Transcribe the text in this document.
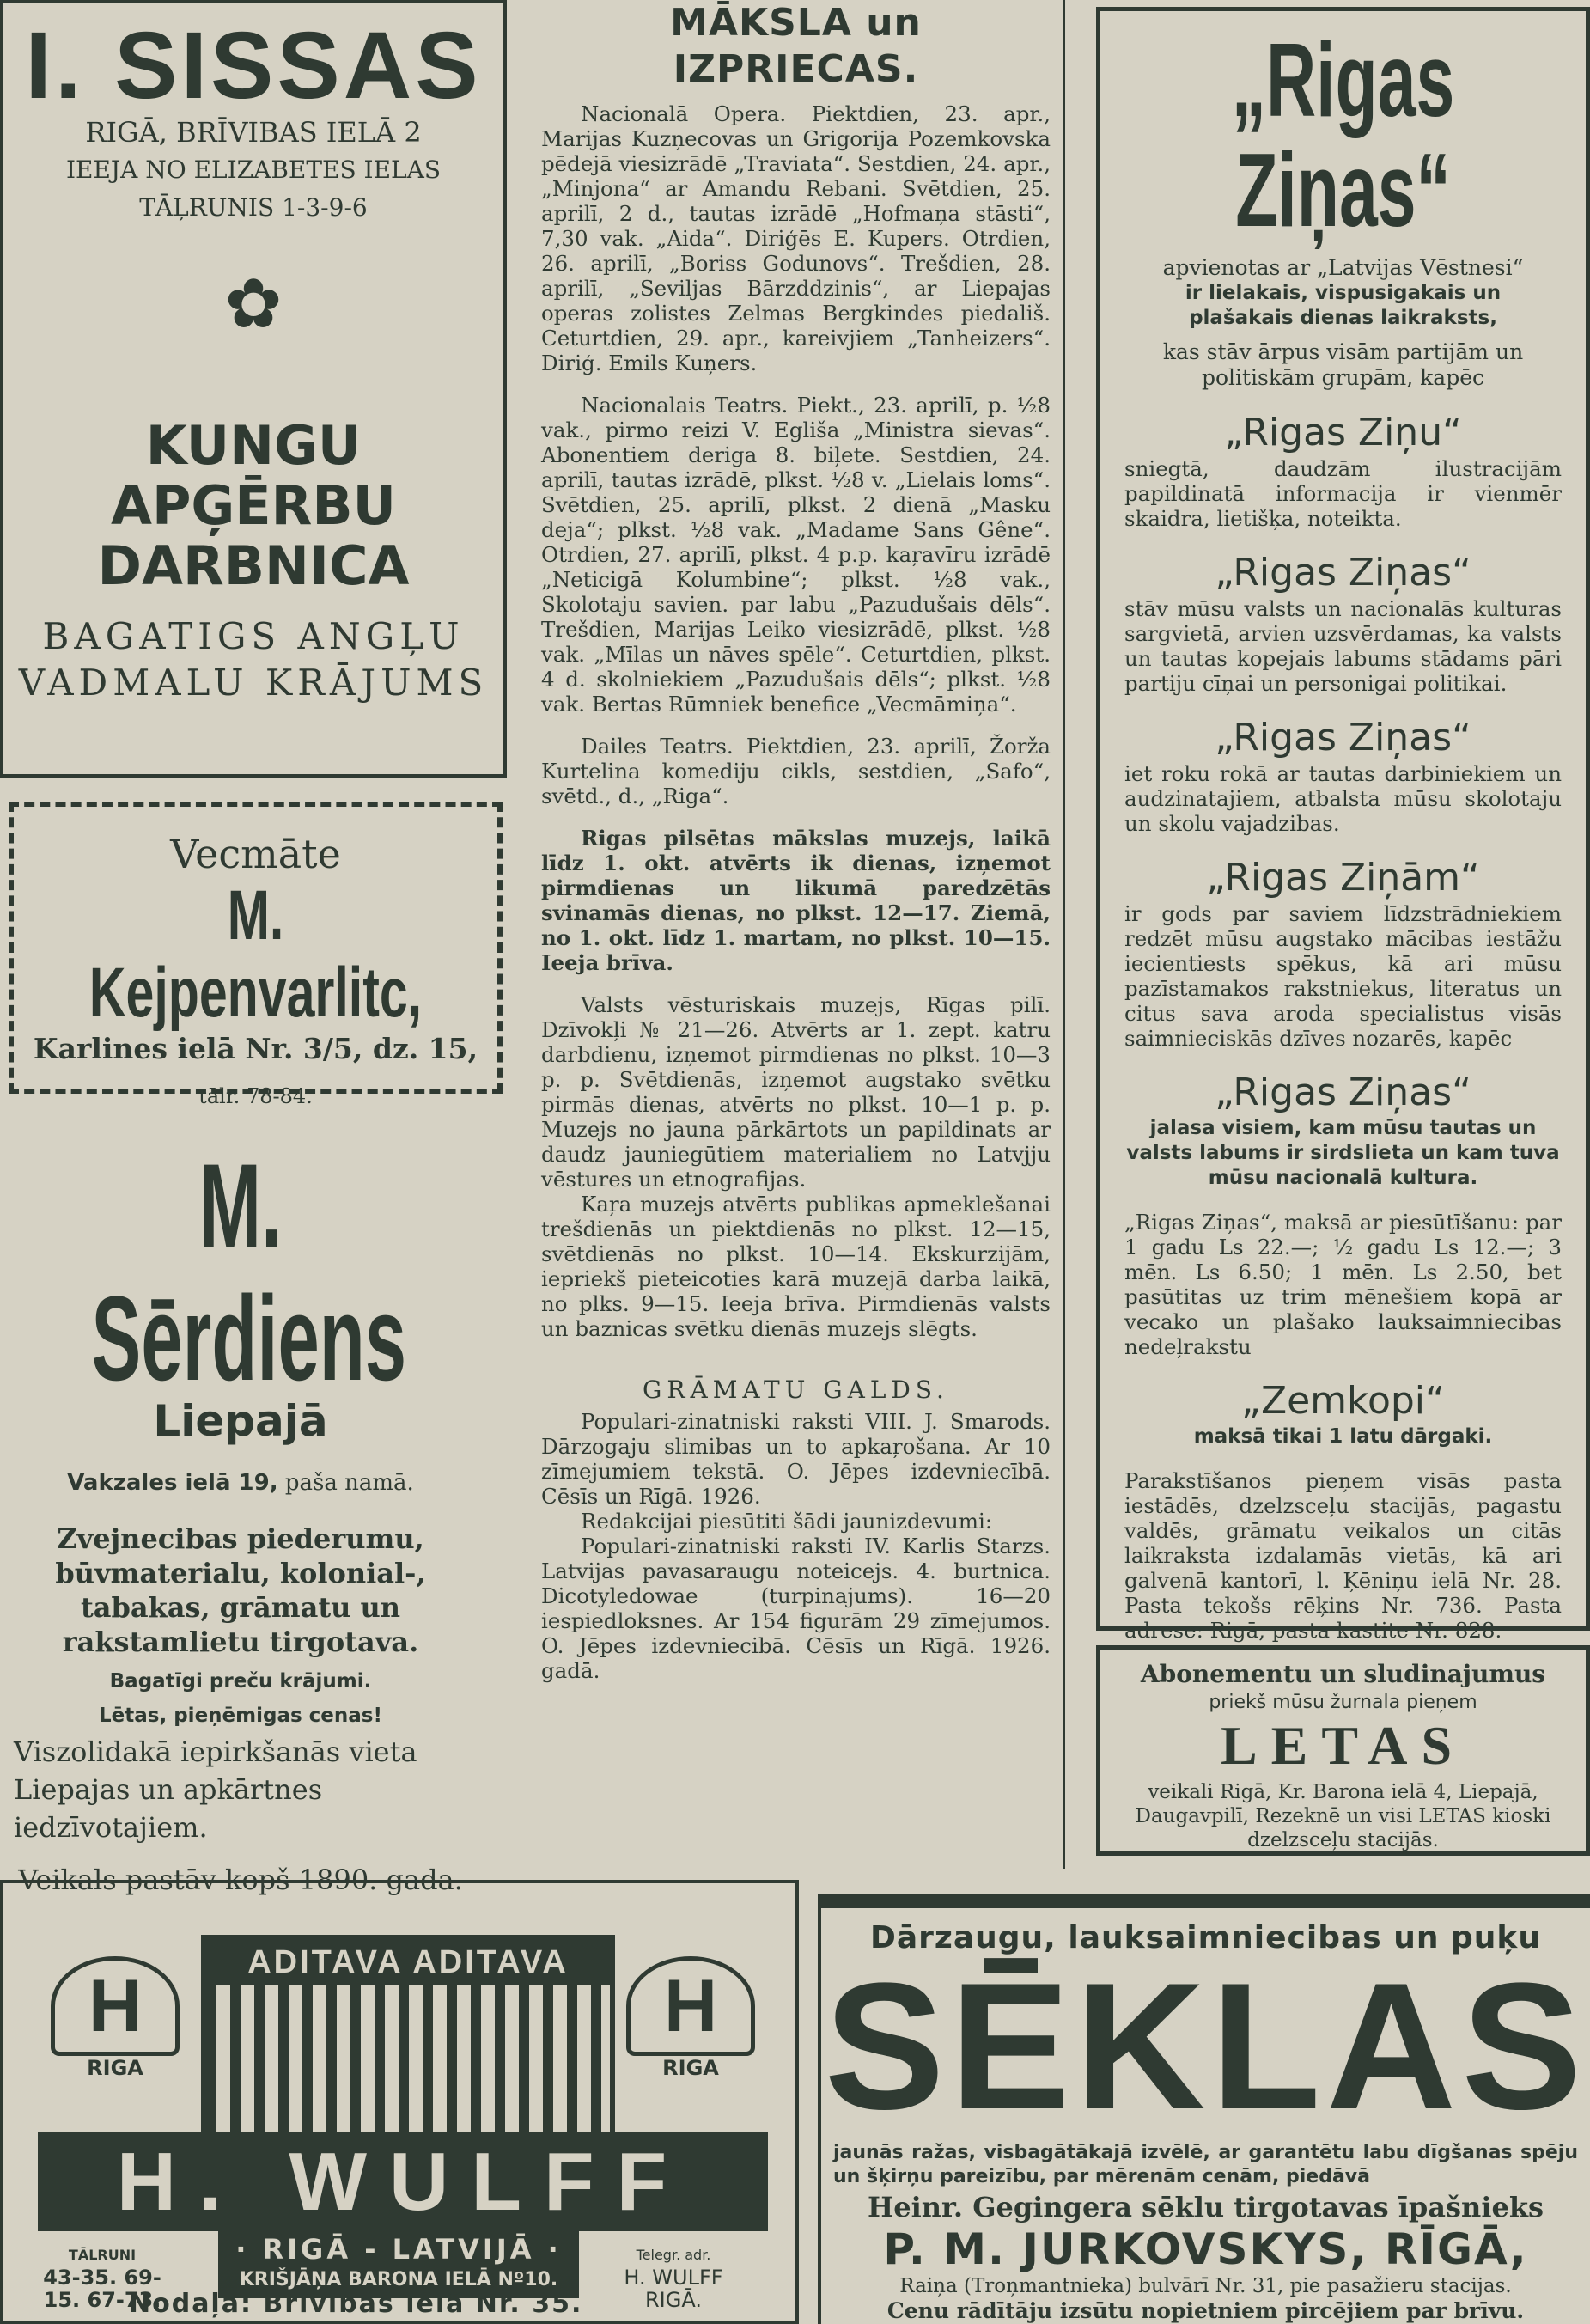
I. SISSAS
RIGĀ, BRĪVIBAS IELĀ 2
IEEJA NO ELIZABETES IELAS
TĀĻRUNIS 1-3-9-6
✿
KUNGU
APĢĒRBU
DARBNICA
BAGATIGS ANGĻU
VADMALU KRĀJUMS
Vecmāte
M. Kejpenvarlitc,
Karlines ielā Nr. 3/5, dz. 15,
tālr. 78-84.
M. Sērdiens
Liepajā
Vakzales ielā 19, paša namā.
Zvejnecibas piederumu, būvmaterialu, kolonial-, tabakas, grāmatu un rakstamlietu tirgotava.
Bagatīgi preču krājumi.
Lētas, pieņēmigas cenas!
Viszolidakā iepirkšanās vieta Liepajas un apkārtnes iedzīvotajiem.
Veikals pastāv kopš 1890. gada.
MĀKSLA un IZPRIECAS.

Nacionalā Opera. Piektdien, 23. apr., Marijas Kuzņecovas un Grigorija Pozemkovska pēdejā viesizrādē „Traviata“. Sestdien, 24. apr., „Minjona“ ar Amandu Rebani. Svētdien, 25. aprilī, 2 d., tautas izrādē „Hofmaņa stāsti“, 7,30 vak. „Aida“. Diriģēs E. Kupers. Otrdien, 26. aprilī, „Boriss Godunovs“. Trešdien, 28. aprilī, „Seviljas Bārzddzinis“, ar Liepajas operas zolistes Zelmas Bergkindes piedališ. Ceturtdien, 29. apr., kareivjiem „Tanheizers“. Diriģ. Emils Kuņers.

Nacionalais Teatrs. Piekt., 23. aprilī, p. ½8 vak., pirmo reizi V. Egliša „Ministra sievas“. Abonentiem deriga 8. biļete. Sestdien, 24. aprilī, tautas izrādē, plkst. ½8 v. „Lielais loms“. Svētdien, 25. aprilī, plkst. 2 dienā „Masku deja“; plkst. ½8 vak. „Madame Sans Gêne“. Otrdien, 27. aprilī, plkst. 4 p.p. kaŗavīru izrādē „Neticigā Kolumbine“; plkst. ½8 vak., Skolotaju savien. par labu „Pazudušais dēls“. Trešdien, Marijas Leiko viesizrādē, plkst. ½8 vak. „Mīlas un nāves spēle“. Ceturtdien, plkst. 4 d. skolniekiem „Pazudušais dēls“; plkst. ½8 vak. Bertas Rūmniek benefice „Vecmāmiņa“.

Dailes Teatrs. Piektdien, 23. aprilī, Žorža Kurtelina komediju cikls, sestdien, „Safo“, svētd., d., „Riga“.

Rigas pilsētas mākslas muzejs, laikā līdz 1. okt. atvērts ik dienas, izņemot pirmdienas un likumā paredzētās svinamās dienas, no plkst. 12—17. Ziemā, no 1. okt. līdz 1. martam, no plkst. 10—15. Ieeja brīva.

Valsts vēsturiskais muzejs, Rīgas pilī. Dzīvokļi № 21—26. Atvērts ar 1. zept. katru darbdienu, izņemot pirmdienas no plkst. 10—3 p. p. Svētdienās, izņemot augstako svētku pirmās dienas, atvērts no plkst. 10—1 p. p. Muzejs no jauna pārkārtots un papildinats ar daudz jauniegūtiem materialiem no Latvjju vēstures un etnografijas.

Kaŗa muzejs atvērts publikas apmeklešanai trešdienās un piektdienās no plkst. 12—15, svētdienās no plkst. 10—14. Ekskurzijām, iepriekš pieteicoties karā muzejā darba laikā, no plks. 9—15. Ieeja brīva. Pirmdienās valsts un baznicas svētku dienās muzejs slēgts.

GRĀMATU GALDS.

Populari-zinatniski raksti VIII. J. Smarods. Dārzogaju slimibas un to apkaŗošana. Ar 10 zīmejumiem tekstā. O. Jēpes izdevniecībā. Cēsīs un Rīgā. 1926.

Redakcijai piesūtiti šādi jaunizdevumi:

Populari-zinatniski raksti IV. Karlis Starzs. Latvijas pavasaraugu noteicejs. 4. burtnica. Dicotyledowae (turpinajums). 16—20 iespiedloksnes. Ar 154 figurām 29 zīmejumos. O. Jēpes izdevniecibā. Cēsīs un Rīgā. 1926. gadā.

„Rigas Ziņas“
apvienotas ar „Latvijas Vēstnesi“
ir lielakais, vispusigakais un plašakais dienas laikraksts,
kas stāv ārpus visām partijām un politiskām grupām, kapēc
„Rigas Ziņu“
sniegtā, daudzām ilustracijām papildinatā informacija ir vienmēr skaidra, lietišķa, noteikta.
„Rigas Ziņas“
stāv mūsu valsts un nacionalās kulturas sargvietā, arvien uzsvērdamas, ka valsts un tautas kopejais labums stādams pāri partiju cīņai un personigai politikai.
„Rigas Ziņas“
iet roku rokā ar tautas darbiniekiem un audzinatajiem, atbalsta mūsu skolotaju un skolu vajadzibas.
„Rigas Ziņām“
ir gods par saviem līdzstrādniekiem redzēt mūsu augstako mācibas iestāžu iecientiests spēkus, kā ari mūsu pazīstamakos rakstniekus, literatus un citus sava aroda specialistus visās saimnieciskās dzīves nozarēs, kapēc
„Rigas Ziņas“
jalasa visiem, kam mūsu tautas un valsts labums ir sirdslieta un kam tuva mūsu nacionalā kultura.
„Rigas Ziņas“, maksā ar piesūtīšanu: par 1 gadu Ls 22.—; ½ gadu Ls 12.—; 3 mēn. Ls 6.50; 1 mēn. Ls 2.50, bet pasūtitas uz trim mēnešiem kopā ar vecako un plašako lauksaimniecibas nedeļrakstu
„Zemkopi“
maksā tikai 1 latu dārgaki.
Parakstīšanos pieņem visās pasta iestādēs, dzelzsceļu stacijās, pagastu valdēs, grāmatu veikalos un citās laikraksta izdalamās vietās, kā ari galvenā kantorī, l. Ķēniņu ielā Nr. 28. Pasta tekošs rēķins Nr. 736. Pasta adrese: Rigā, pasta kastite Nr. 828.
Abonementu un sludinajumus
priekš mūsu žurnala pieņem
LETAS
veikali Rigā, Kr. Barona ielā 4, Liepajā, Daugavpilī, Rezeknē un visi LETAS kioski dzelzsceļu stacijās.
ADITAVA ADITAVA
H
RIGA
H
RIGA
H. WULFF
· RIGĀ - LATVIJĀ ·
KRIŠJĀŅA BARONA IELĀ Nº10.
TĀLRUNI
43-35. 69-15. 67-73.
Telegr. adr.
H. WULFF RIGĀ.
Nodaļa: Brīvibas ielā Nr. 35.
Dārzaugu, lauksaimniecibas un puķu
SĒKLAS
jaunās ražas, visbagātākajā izvēlē, ar garantētu labu dīgšanas spēju un šķirņu pareizību, par mērenām cenām, piedāvā
Heinr. Gegingera sēklu tirgotavas īpašnieks
P. M. JURKOVSKYS, RĪGĀ,
Raiņa (Troņmantnieka) bulvārī Nr. 31, pie pasažieru stacijas.
Cenu rādītāju izsūtu nopietniem pircējiem par brīvu.
